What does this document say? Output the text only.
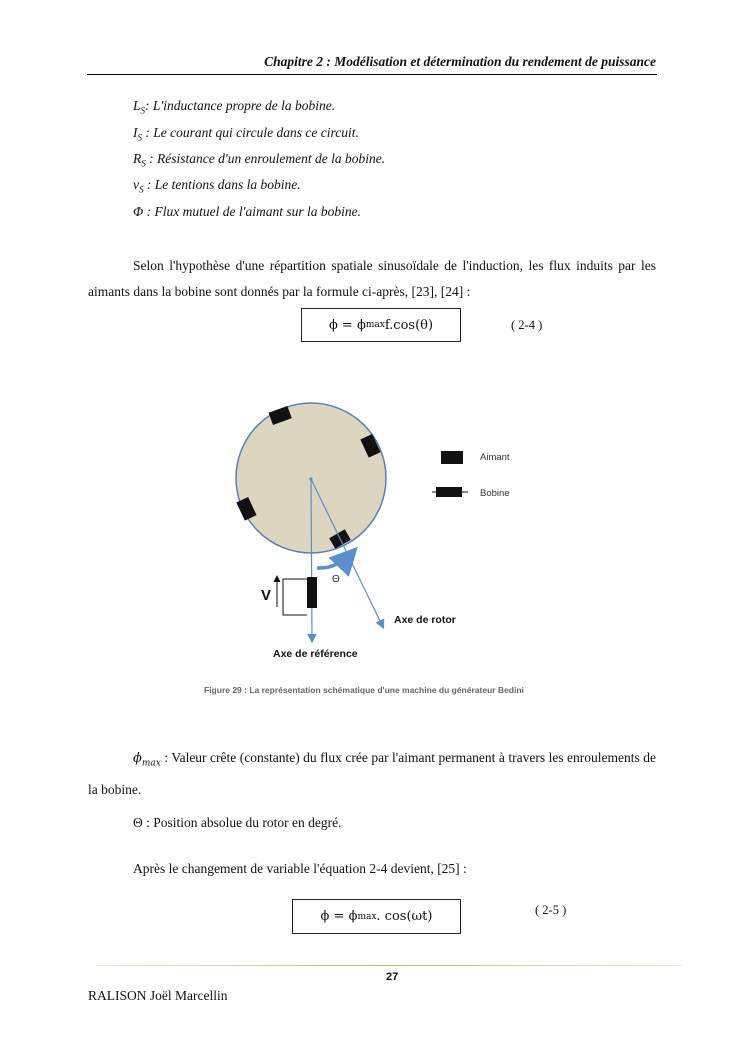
Chapitre 2 : Modélisation et détermination du rendement de puissance
$L_S$: L'inductance propre de la bobine.
$I_S$ : Le courant qui circule dans ce circuit.
$R_S$ : Résistance d'un enroulement de la bobine.
$v_S$ : Le tentions dans la bobine.
Φ : Flux mutuel de l'aimant sur la bobine.
Selon l'hypothèse d'une répartition spatiale sinusoïdale de l'induction, les flux induits par les aimants dans la bobine sont donnés par la formule ci-après, [23], [24] :
ϕ = ϕ max f.cos(θ)	( 2-4 )
Θ
V
Axe de rotor
Axe de référence
Aimant
Bobine
Figure 29 : La représentation schématique d'une machine du générateur Bedini
$\phi_{max}$ : Valeur crête (constante) du flux crée par l'aimant permanent à travers les enroulements de la bobine.
Θ : Position absolue du rotor en degré.
Après le changement de variable l'équation 2-4 devient, [25] :
ϕ = ϕ max . cos(ωt)	( 2-5 )
27
RALISON Joël Marcellin
